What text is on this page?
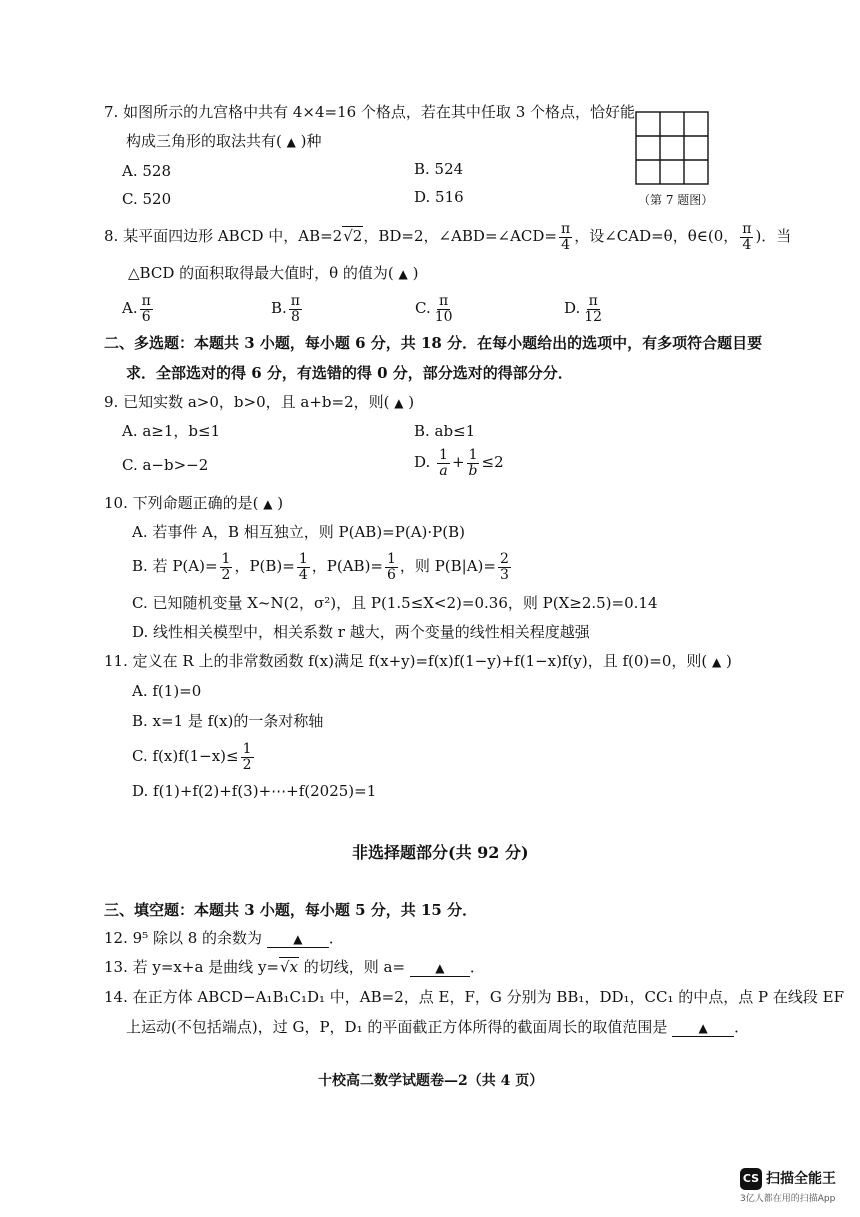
7. 如图所示的九宫格中共有 4×4=16 个格点，若在其中任取 3 个格点，恰好能
构成三角形的取法共有( ▲ )种
A. 528	B. 524
C. 520	D. 516	（第 7 题图）
8. 某平面四边形 ABCD 中，AB=2√2，BD=2，∠ABD=∠ACD= $\frac{\pi}{4}$ ，设∠CAD=θ，θ∈(0， $\frac{\pi}{4}$ )．当
△BCD 的面积取得最大值时，θ 的值为( ▲ )
A. $\frac{\pi}{6}$	B. $\frac{\pi}{8}$	C. $\frac{\pi}{10}$	D. $\frac{\pi}{12}$
二、多选题：本题共 3 小题，每小题 6 分，共 18 分．在每小题给出的选项中，有多项符合题目要
求．全部选对的得 6 分，有选错的得 0 分，部分选对的得部分分．
9. 已知实数 a>0，b>0，且 a+b=2，则( ▲ )
A. a≥1，b≤1	B. ab≤1
C. a−b>−2	D. $\frac{1}{a} + \frac{1}{b} \le 2$
10. 下列命题正确的是( ▲ )
A. 若事件 A，B 相互独立，则 P(AB)=P(A)·P(B)
B. 若 $P(A)= \frac{1}{2}$ ，$P(B)= \frac{1}{4}$ ，$P(AB)= \frac{1}{6}$ ，则 $P(B|A)= \frac{2}{3}$
C. 已知随机变量 X~N(2，σ²)，且 P(1.5≤X<2)=0.36，则 P(X≥2.5)=0.14
D. 线性相关模型中，相关系数 r 越大，两个变量的线性相关程度越强
11. 定义在 R 上的非常数函数 f(x)满足 f(x+y)=f(x)f(1−y)+f(1−x)f(y)，且 f(0)=0，则( ▲ )
A. f(1)=0
B. x=1 是 f(x)的一条对称轴
C. $f(x)f(1-x)\le \frac{1}{2}$
D. f(1)+f(2)+f(3)+⋯+f(2025)=1
非选择题部分(共 92 分)
三、填空题：本题共 3 小题，每小题 5 分，共 15 分．
12. 9⁵ 除以 8 的余数为	▲ ．
13. 若 y=x+a 是曲线 y=√x 的切线，则 a=	▲ ．
14. 在正方体 ABCD−A₁B₁C₁D₁ 中，AB=2，点 E，F，G 分别为 BB₁，DD₁，CC₁ 的中点，点 P 在线段 EF
上运动(不包括端点)，过 G，P，D₁ 的平面截正方体所得的截面周长的取值范围是	▲ ．
十校高二数学试题卷—2（共 4 页）
CS 扫描全能王
3亿人都在用的扫描App
